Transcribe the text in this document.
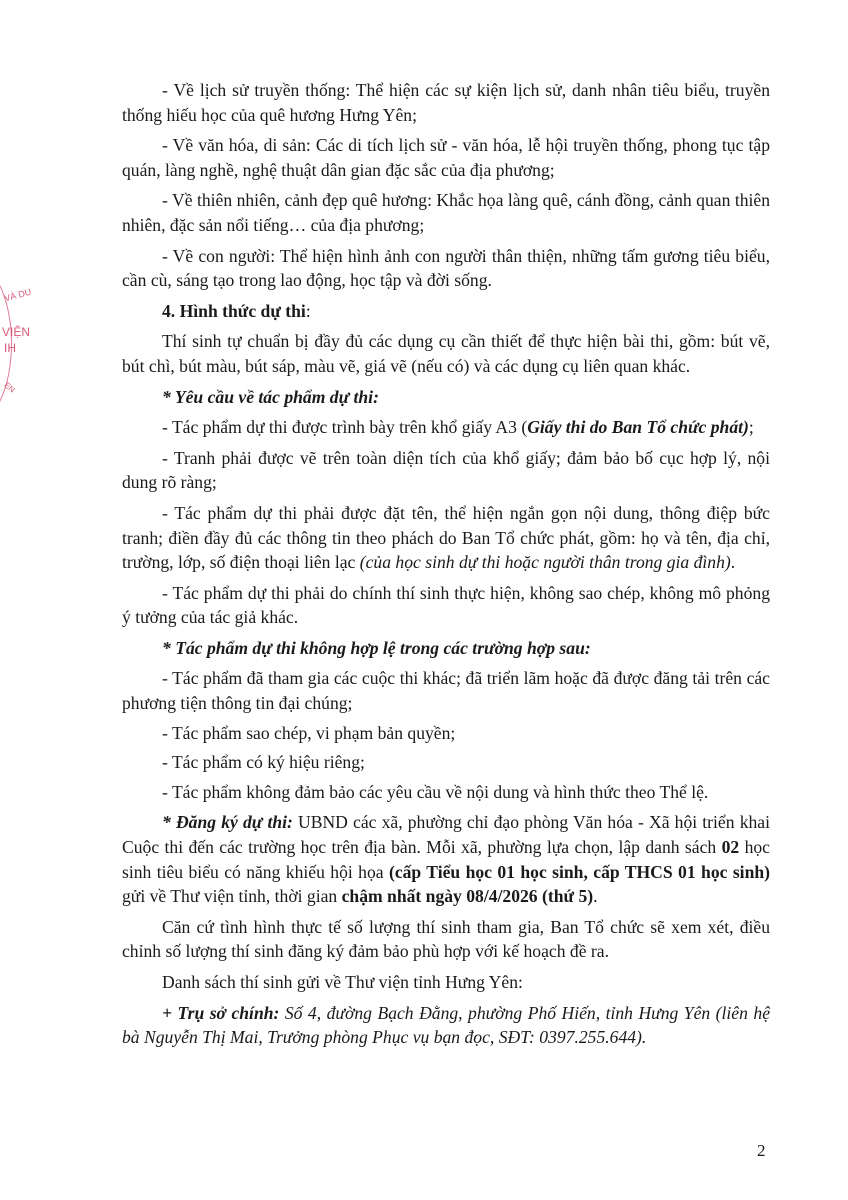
VÀ DU
VIỆN
IH
EN

- Về lịch sử truyền thống: Thể hiện các sự kiện lịch sử, danh nhân tiêu biểu, truyền thống hiếu học của quê hương Hưng Yên;

- Về văn hóa, di sản: Các di tích lịch sử - văn hóa, lễ hội truyền thống, phong tục tập quán, làng nghề, nghệ thuật dân gian đặc sắc của địa phương;

- Về thiên nhiên, cảnh đẹp quê hương: Khắc họa làng quê, cánh đồng, cảnh quan thiên nhiên, đặc sản nổi tiếng… của địa phương;

- Về con người: Thể hiện hình ảnh con người thân thiện, những tấm gương tiêu biểu, cần cù, sáng tạo trong lao động, học tập và đời sống.

4. Hình thức dự thi:

Thí sinh tự chuẩn bị đầy đủ các dụng cụ cần thiết để thực hiện bài thi, gồm: bút vẽ, bút chì, bút màu, bút sáp, màu vẽ, giá vẽ (nếu có) và các dụng cụ liên quan khác.

* Yêu cầu về tác phẩm dự thi:

- Tác phẩm dự thi được trình bày trên khổ giấy A3 (Giấy thi do Ban Tổ chức phát);

- Tranh phải được vẽ trên toàn diện tích của khổ giấy; đảm bảo bố cục hợp lý, nội dung rõ ràng;

- Tác phẩm dự thi phải được đặt tên, thể hiện ngắn gọn nội dung, thông điệp bức tranh; điền đầy đủ các thông tin theo phách do Ban Tổ chức phát, gồm: họ và tên, địa chỉ, trường, lớp, số điện thoại liên lạc (của học sinh dự thi hoặc người thân trong gia đình).

- Tác phẩm dự thi phải do chính thí sinh thực hiện, không sao chép, không mô phỏng ý tưởng của tác giả khác.

* Tác phẩm dự thi không hợp lệ trong các trường hợp sau:

- Tác phẩm đã tham gia các cuộc thi khác; đã triển lãm hoặc đã được đăng tải trên các phương tiện thông tin đại chúng;

- Tác phẩm sao chép, vi phạm bản quyền;

- Tác phẩm có ký hiệu riêng;

- Tác phẩm không đảm bảo các yêu cầu về nội dung và hình thức theo Thể lệ.

* Đăng ký dự thi: UBND các xã, phường chỉ đạo phòng Văn hóa - Xã hội triển khai Cuộc thi đến các trường học trên địa bàn. Mỗi xã, phường lựa chọn, lập danh sách 02 học sinh tiêu biểu có năng khiếu hội họa (cấp Tiểu học 01 học sinh, cấp THCS 01 học sinh) gửi về Thư viện tỉnh, thời gian chậm nhất ngày 08/4/2026 (thứ 5).

Căn cứ tình hình thực tế số lượng thí sinh tham gia, Ban Tổ chức sẽ xem xét, điều chỉnh số lượng thí sinh đăng ký đảm bảo phù hợp với kế hoạch đề ra.

Danh sách thí sinh gửi về Thư viện tỉnh Hưng Yên:

+ Trụ sở chính: Số 4, đường Bạch Đằng, phường Phố Hiến, tỉnh Hưng Yên (liên hệ bà Nguyễn Thị Mai, Trưởng phòng Phục vụ bạn đọc, SĐT: 0397.255.644).

2
